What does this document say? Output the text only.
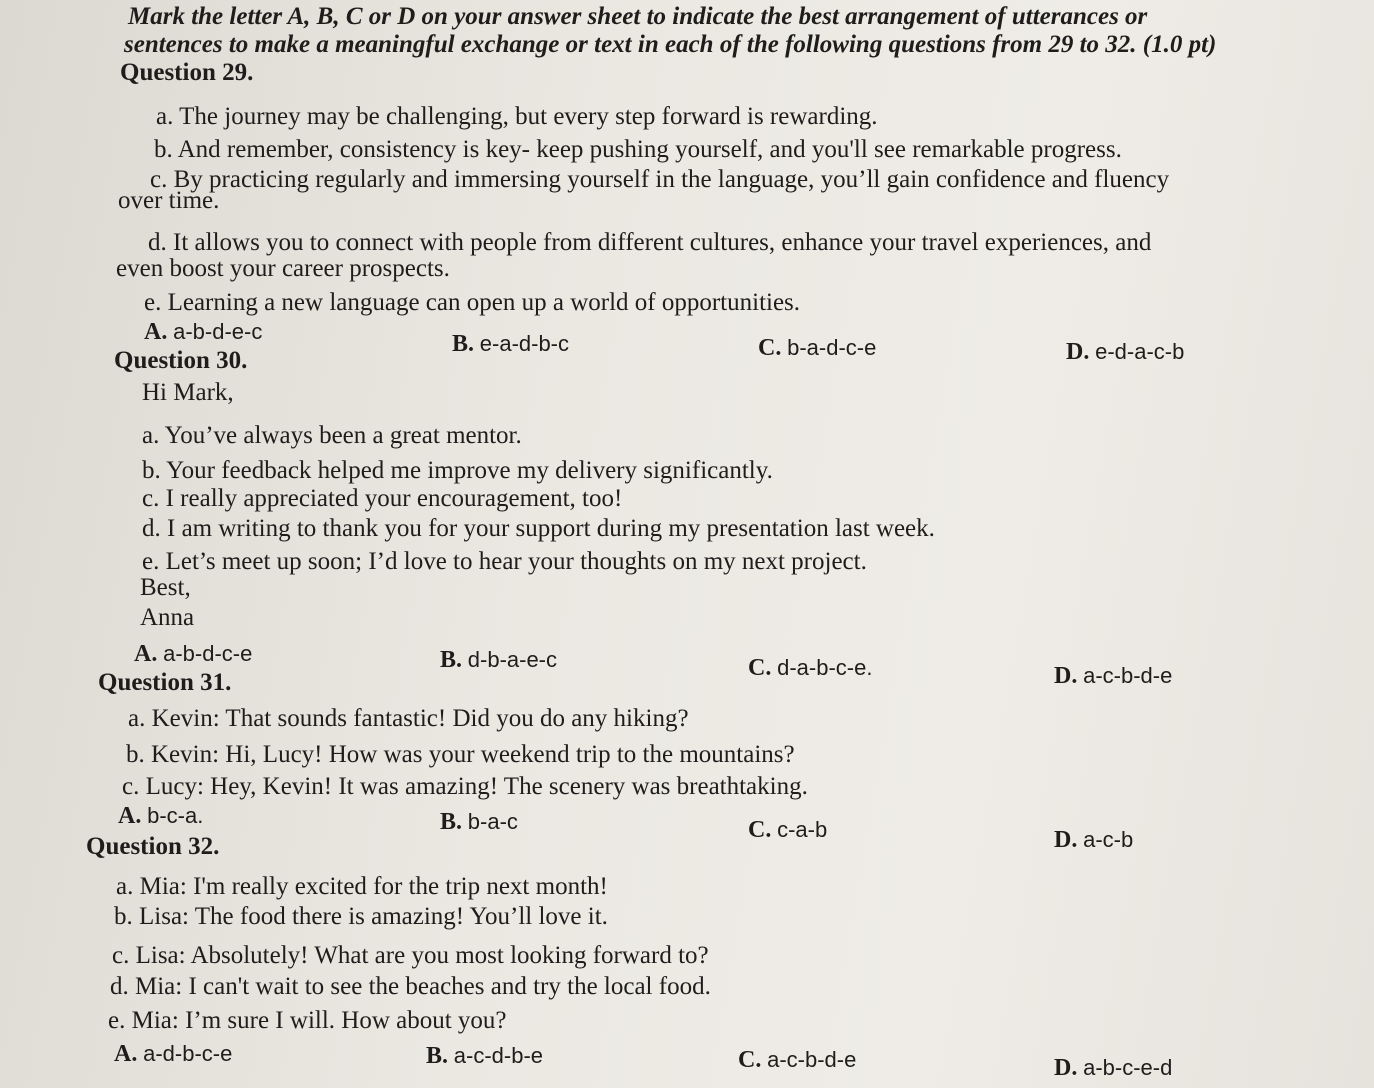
Mark the letter A, B, C or D on your answer sheet to indicate the best arrangement of utterances or
sentences to make a meaningful exchange or text in each of the following questions from 29 to 32. (1.0 pt)
Question 29.
a. The journey may be challenging, but every step forward is rewarding.
b. And remember, consistency is key- keep pushing yourself, and you'll see remarkable progress.
c. By practicing regularly and immersing yourself in the language, you’ll gain confidence and fluency
over time.
d. It allows you to connect with people from different cultures, enhance your travel experiences, and
even boost your career prospects.
e. Learning a new language can open up a world of opportunities.
A. a-b-d-e-c	B. e-a-d-b-c	C. b-a-d-c-e	D. e-d-a-c-b
Question 30.
Hi Mark,
a. You’ve always been a great mentor.
b. Your feedback helped me improve my delivery significantly.
c. I really appreciated your encouragement, too!
d. I am writing to thank you for your support during my presentation last week.
e. Let’s meet up soon; I’d love to hear your thoughts on my next project.
Best,
Anna
A. a-b-d-c-e	B. d-b-a-e-c	C. d-a-b-c-e.	D. a-c-b-d-e
Question 31.
a. Kevin: That sounds fantastic! Did you do any hiking?
b. Kevin: Hi, Lucy! How was your weekend trip to the mountains?
c. Lucy: Hey, Kevin! It was amazing! The scenery was breathtaking.
A. b-c-a.	B. b-a-c	C. c-a-b	D. a-c-b
Question 32.
a. Mia: I'm really excited for the trip next month!
b. Lisa: The food there is amazing! You’ll love it.
c. Lisa: Absolutely! What are you most looking forward to?
d. Mia: I can't wait to see the beaches and try the local food.
e. Mia: I’m sure I will. How about you?
A. a-d-b-c-e	B. a-c-d-b-e	C. a-c-b-d-e	D. a-b-c-e-d
